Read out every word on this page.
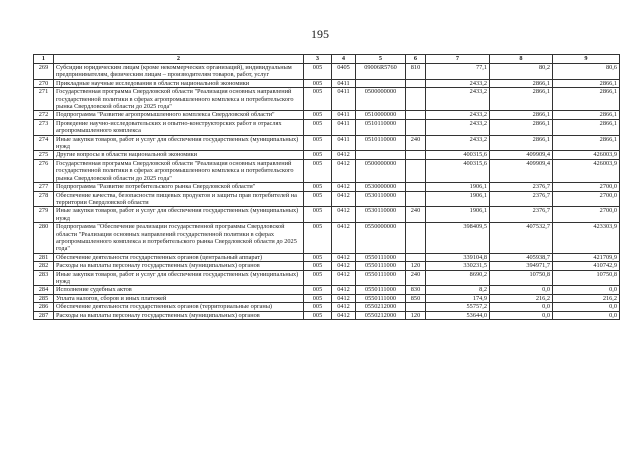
195
1	2	3	4	5	6	7	8	9
269	Субсидии юридическим лицам (кроме некоммерческих организаций), индивидуальным предпринимателям, физическим лицам – производителям товаров, работ, услуг	005	0405	09006R5760	810	77,1	80,2	80,6
270	Прикладные научные исследования в области национальной экономики	005	0411			2433,2	2866,1	2866,1
271	Государственная программа Свердловской области "Реализация основных направлений государственной политики в сферах агропромышленного комплекса и потребительского рынка Свердловской области до 2025 года"	005	0411	0500000000		2433,2	2866,1	2866,1
272	Подпрограмма "Развитие агропромышленного комплекса Свердловской области"	005	0411	0510000000		2433,2	2866,1	2866,1
273	Проведение научно-исследовательских и опытно-конструкторских работ в отраслях агропромышленного комплекса	005	0411	0510110000		2433,2	2866,1	2866,1
274	Иные закупки товаров, работ и услуг для обеспечения государственных (муниципальных) нужд	005	0411	0510110000	240	2433,2	2866,1	2866,1
275	Другие вопросы в области национальной экономики	005	0412			400315,6	409909,4	426003,9
276	Государственная программа Свердловской области "Реализация основных направлений государственной политики в сферах агропромышленного комплекса и потребительского рынка Свердловской области до 2025 года"	005	0412	0500000000		400315,6	409909,4	426003,9
277	Подпрограмма "Развитие потребительского рынка Свердловской области"	005	0412	0530000000		1906,1	2376,7	2700,0
278	Обеспечение качества, безопасности пищевых продуктов и защиты прав потребителей на территории Свердловской области	005	0412	0530110000		1906,1	2376,7	2700,0
279	Иные закупки товаров, работ и услуг для обеспечения государственных (муниципальных) нужд	005	0412	0530110000	240	1906,1	2376,7	2700,0
280	Подпрограмма "Обеспечение реализации государственной программы Свердловской области "Реализация основных направлений государственной политики в сферах агропромышленного комплекса и потребительского рынка Свердловской области до 2025 года"	005	0412	0550000000		398409,5	407532,7	423303,9
281	Обеспечение деятельности государственных органов (центральный аппарат)	005	0412	0550111000		339104,8	405938,7	421709,9
282	Расходы на выплаты персоналу государственных (муниципальных) органов	005	0412	0550111000	120	330231,5	394971,7	410742,9
283	Иные закупки товаров, работ и услуг для обеспечения государственных (муниципальных) нужд	005	0412	0550111000	240	8690,2	10750,8	10750,8
284	Исполнение судебных актов	005	0412	0550111000	830	8,2	0,0	0,0
285	Уплата налогов, сборов и иных платежей	005	0412	0550111000	850	174,9	216,2	216,2
286	Обеспечение деятельности государственных органов (территориальные органы)	005	0412	0550212000		55757,2	0,0	0,0
287	Расходы на выплаты персоналу государственных (муниципальных) органов	005	0412	0550212000	120	53644,0	0,0	0,0
